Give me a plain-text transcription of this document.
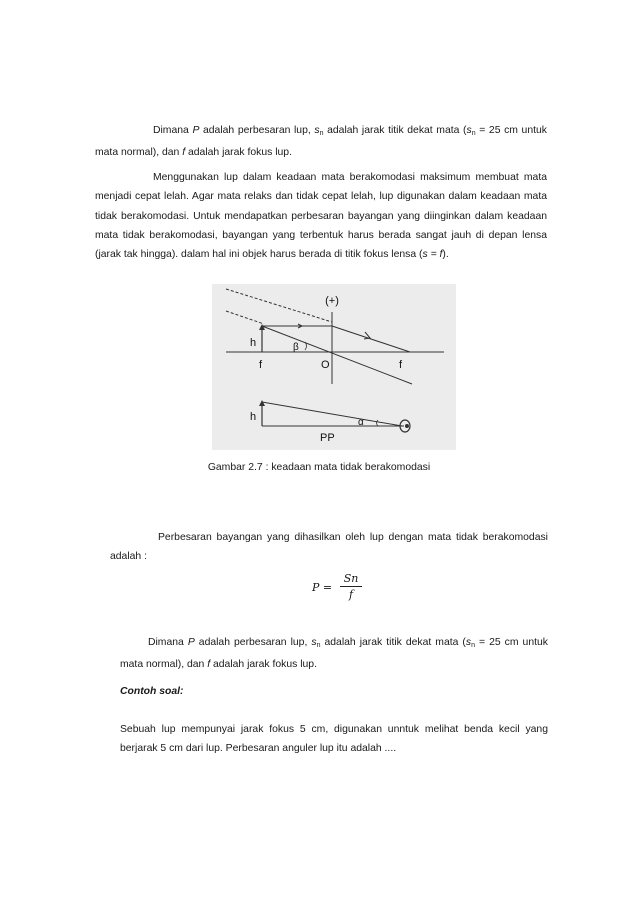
Dimana P adalah perbesaran lup, $s_n$ adalah jarak titik dekat mata ($s_n = 25$ cm untuk mata normal), dan f adalah jarak fokus lup.
Menggunakan lup dalam keadaan mata berakomodasi maksimum membuat mata menjadi cepat lelah. Agar mata relaks dan tidak cepat lelah, lup digunakan dalam keadaan mata tidak berakomodasi. Untuk mendapatkan perbesaran bayangan yang diinginkan dalam keadaan mata tidak berakomodasi, bayangan yang terbentuk harus berada sangat jauh di depan lensa (jarak tak hingga). dalam hal ini objek harus berada di titik fokus lensa (s = f).
(+)
h
f
β
O	f
h	α
PP
Gambar 2.7 : keadaan mata tidak berakomodasi
Perbesaran bayangan yang dihasilkan oleh lup dengan mata tidak berakomodasi adalah :
P =
Sn
f
Dimana P adalah perbesaran lup, $s_n$ adalah jarak titik dekat mata ($s_n = 25$ cm untuk mata normal), dan f adalah jarak fokus lup.
Contoh soal:
Sebuah lup mempunyai jarak fokus 5 cm, digunakan unntuk melihat benda kecil yang berjarak 5 cm dari lup. Perbesaran anguler lup itu adalah ....
